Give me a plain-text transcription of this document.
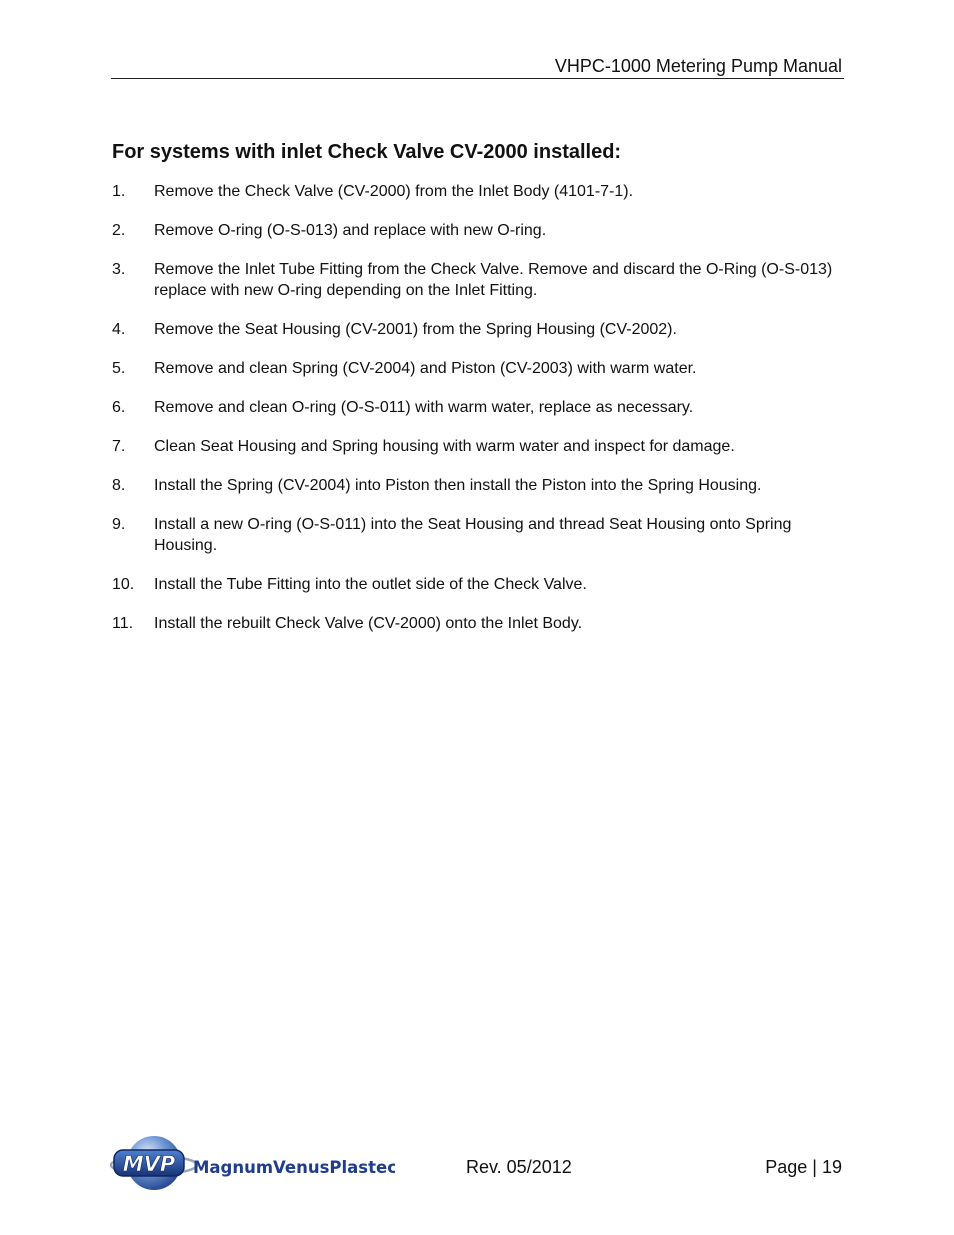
VHPC-1000 Metering Pump Manual
For systems with inlet Check Valve CV-2000 installed:
1.	Remove the Check Valve (CV-2000) from the Inlet Body (4101-7-1).
2.	Remove O-ring (O-S-013) and replace with new O-ring.
3.	Remove the Inlet Tube Fitting from the Check Valve. Remove and discard the O-Ring (O-S-013) replace with new O-ring depending on the Inlet Fitting.
4.	Remove the Seat Housing (CV-2001) from the Spring Housing (CV-2002).
5.	Remove and clean Spring (CV-2004) and Piston (CV-2003) with warm water.
6.	Remove and clean O-ring (O-S-011) with warm water, replace as necessary.
7.	Clean Seat Housing and Spring housing with warm water and inspect for damage.
8.	Install the Spring (CV-2004) into Piston then install the Piston into the Spring Housing.
9.	Install a new O-ring (O-S-011) into the Seat Housing and thread Seat Housing onto Spring Housing.
10.	Install the Tube Fitting into the outlet side of the Check Valve.
11.	Install the rebuilt Check Valve (CV-2000) onto the Inlet Body.
MVP MagnumVenusPlastech	Rev. 05/2012	Page | 19
